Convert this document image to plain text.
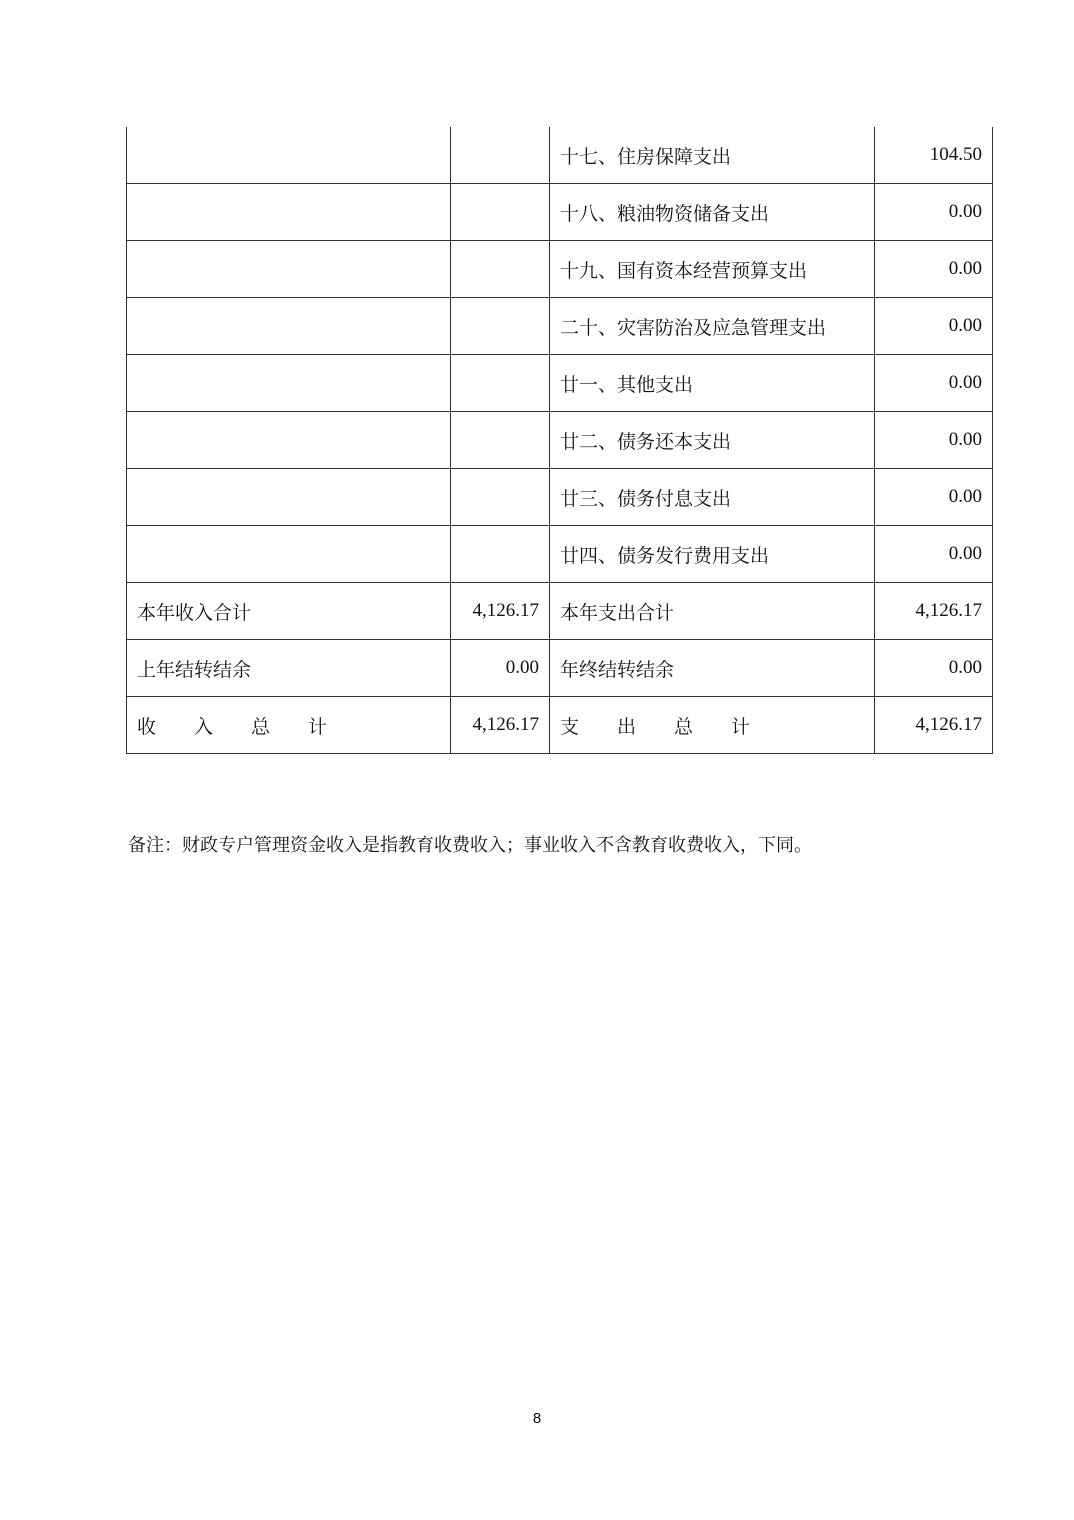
		十七、住房保障支出	104.50
		十八、粮油物资储备支出	0.00
		十九、国有资本经营预算支出	0.00
		二十、灾害防治及应急管理支出	0.00
		廿一、其他支出	0.00
		廿二、债务还本支出	0.00
		廿三、债务付息支出	0.00
		廿四、债务发行费用支出	0.00
本年收入合计	4,126.17	本年支出合计	4,126.17
上年结转结余	0.00	年终结转结余	0.00
收　　入　　总　　计	4,126.17	支　　出　　总　　计	4,126.17
备注：财政专户管理资金收入是指教育收费收入；事业收入不含教育收费收入，下同。
8
